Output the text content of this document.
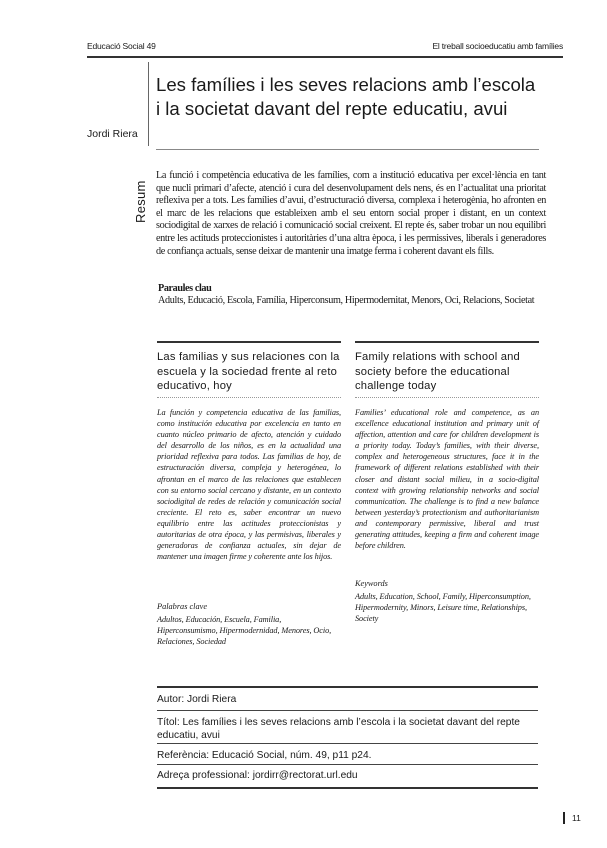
Educació Social 49	El treball socioeducatiu amb famílies
Les famílies i les seves relacions amb l’escola i la societat davant del repte educatiu, avui
Jordi Riera
Resum
La funció i competència educativa de les famílies, com a institució educativa per excel·lència en tant que nucli primari d’afecte, atenció i cura del desenvolupament dels nens, és en l’actualitat una prioritat reflexiva per a tots. Les famílies d’avui, d’estructuració diversa, complexa i heterogènia, ho afronten en el marc de les relacions que estableixen amb el seu entorn social proper i distant, en un context sociodigital de xarxes de relació i comunicació social creixent. El repte és, saber trobar un nou equilibri entre les actituds proteccionistes i autoritàries d’una altra època, i les permissives, liberals i generadores de confiança actuals, sense deixar de mantenir una imatge ferma i coherent davant els fills.
Paraules clau
Adults, Educació, Escola, Família, Hiperconsum, Hipermodernitat, Menors, Oci, Relacions, Societat
Las familias y sus relaciones con la escuela y la sociedad frente al reto educativo, hoy
Family relations with school and society before the educational challenge today
La función y competencia educativa de las familias, como institución educativa por excelencia en tanto en cuanto núcleo primario de afecto, atención y cuidado del desarrollo de los niños, es en la actualidad una prioridad reflexiva para todos. Las familias de hoy, de estructuración diversa, compleja y heterogénea, lo afrontan en el marco de las relaciones que establecen con su entorno social cercano y distante, en un contexto sociodigital de redes de relación y comunicación social creciente. El reto es, saber encontrar un nuevo equilibrio entre las actitudes proteccionistas y autoritarias de otra época, y las permisivas, liberales y generadoras de confianza actuales, sin dejar de mantener una imagen firme y coherente ante los hijos.
Families’ educational role and competence, as an excellence educational institution and primary unit of affection, attention and care for children development is a priority today. Today’s families, with their diverse, complex and heterogeneous structures, face it in the framework of different relations established with their closer and distant social milieu, in a socio-digital context with growing relationship networks and social communication. The challenge is to find a new balance between yesterday’s protectionism and authoritarianism and contemporary permissive, liberal and trust generating attitudes, keeping a firm and coherent image before children.
Palabras clave
Adultos, Educación, Escuela, Familia, Hiperconsumismo, Hipermodernidad, Menores, Ocio, Relaciones, Sociedad
Keywords
Adults, Education, School, Family, Hiperconsumption, Hipermodernity, Minors, Leisure time, Relationships, Society
Autor: Jordi Riera
Títol: Les famílies i les seves relacions amb l’escola i la societat davant del repte educatiu, avui
Referència: Educació Social, núm. 49, p11 p24.
Adreça professional: jordirr@rectorat.url.edu
11
